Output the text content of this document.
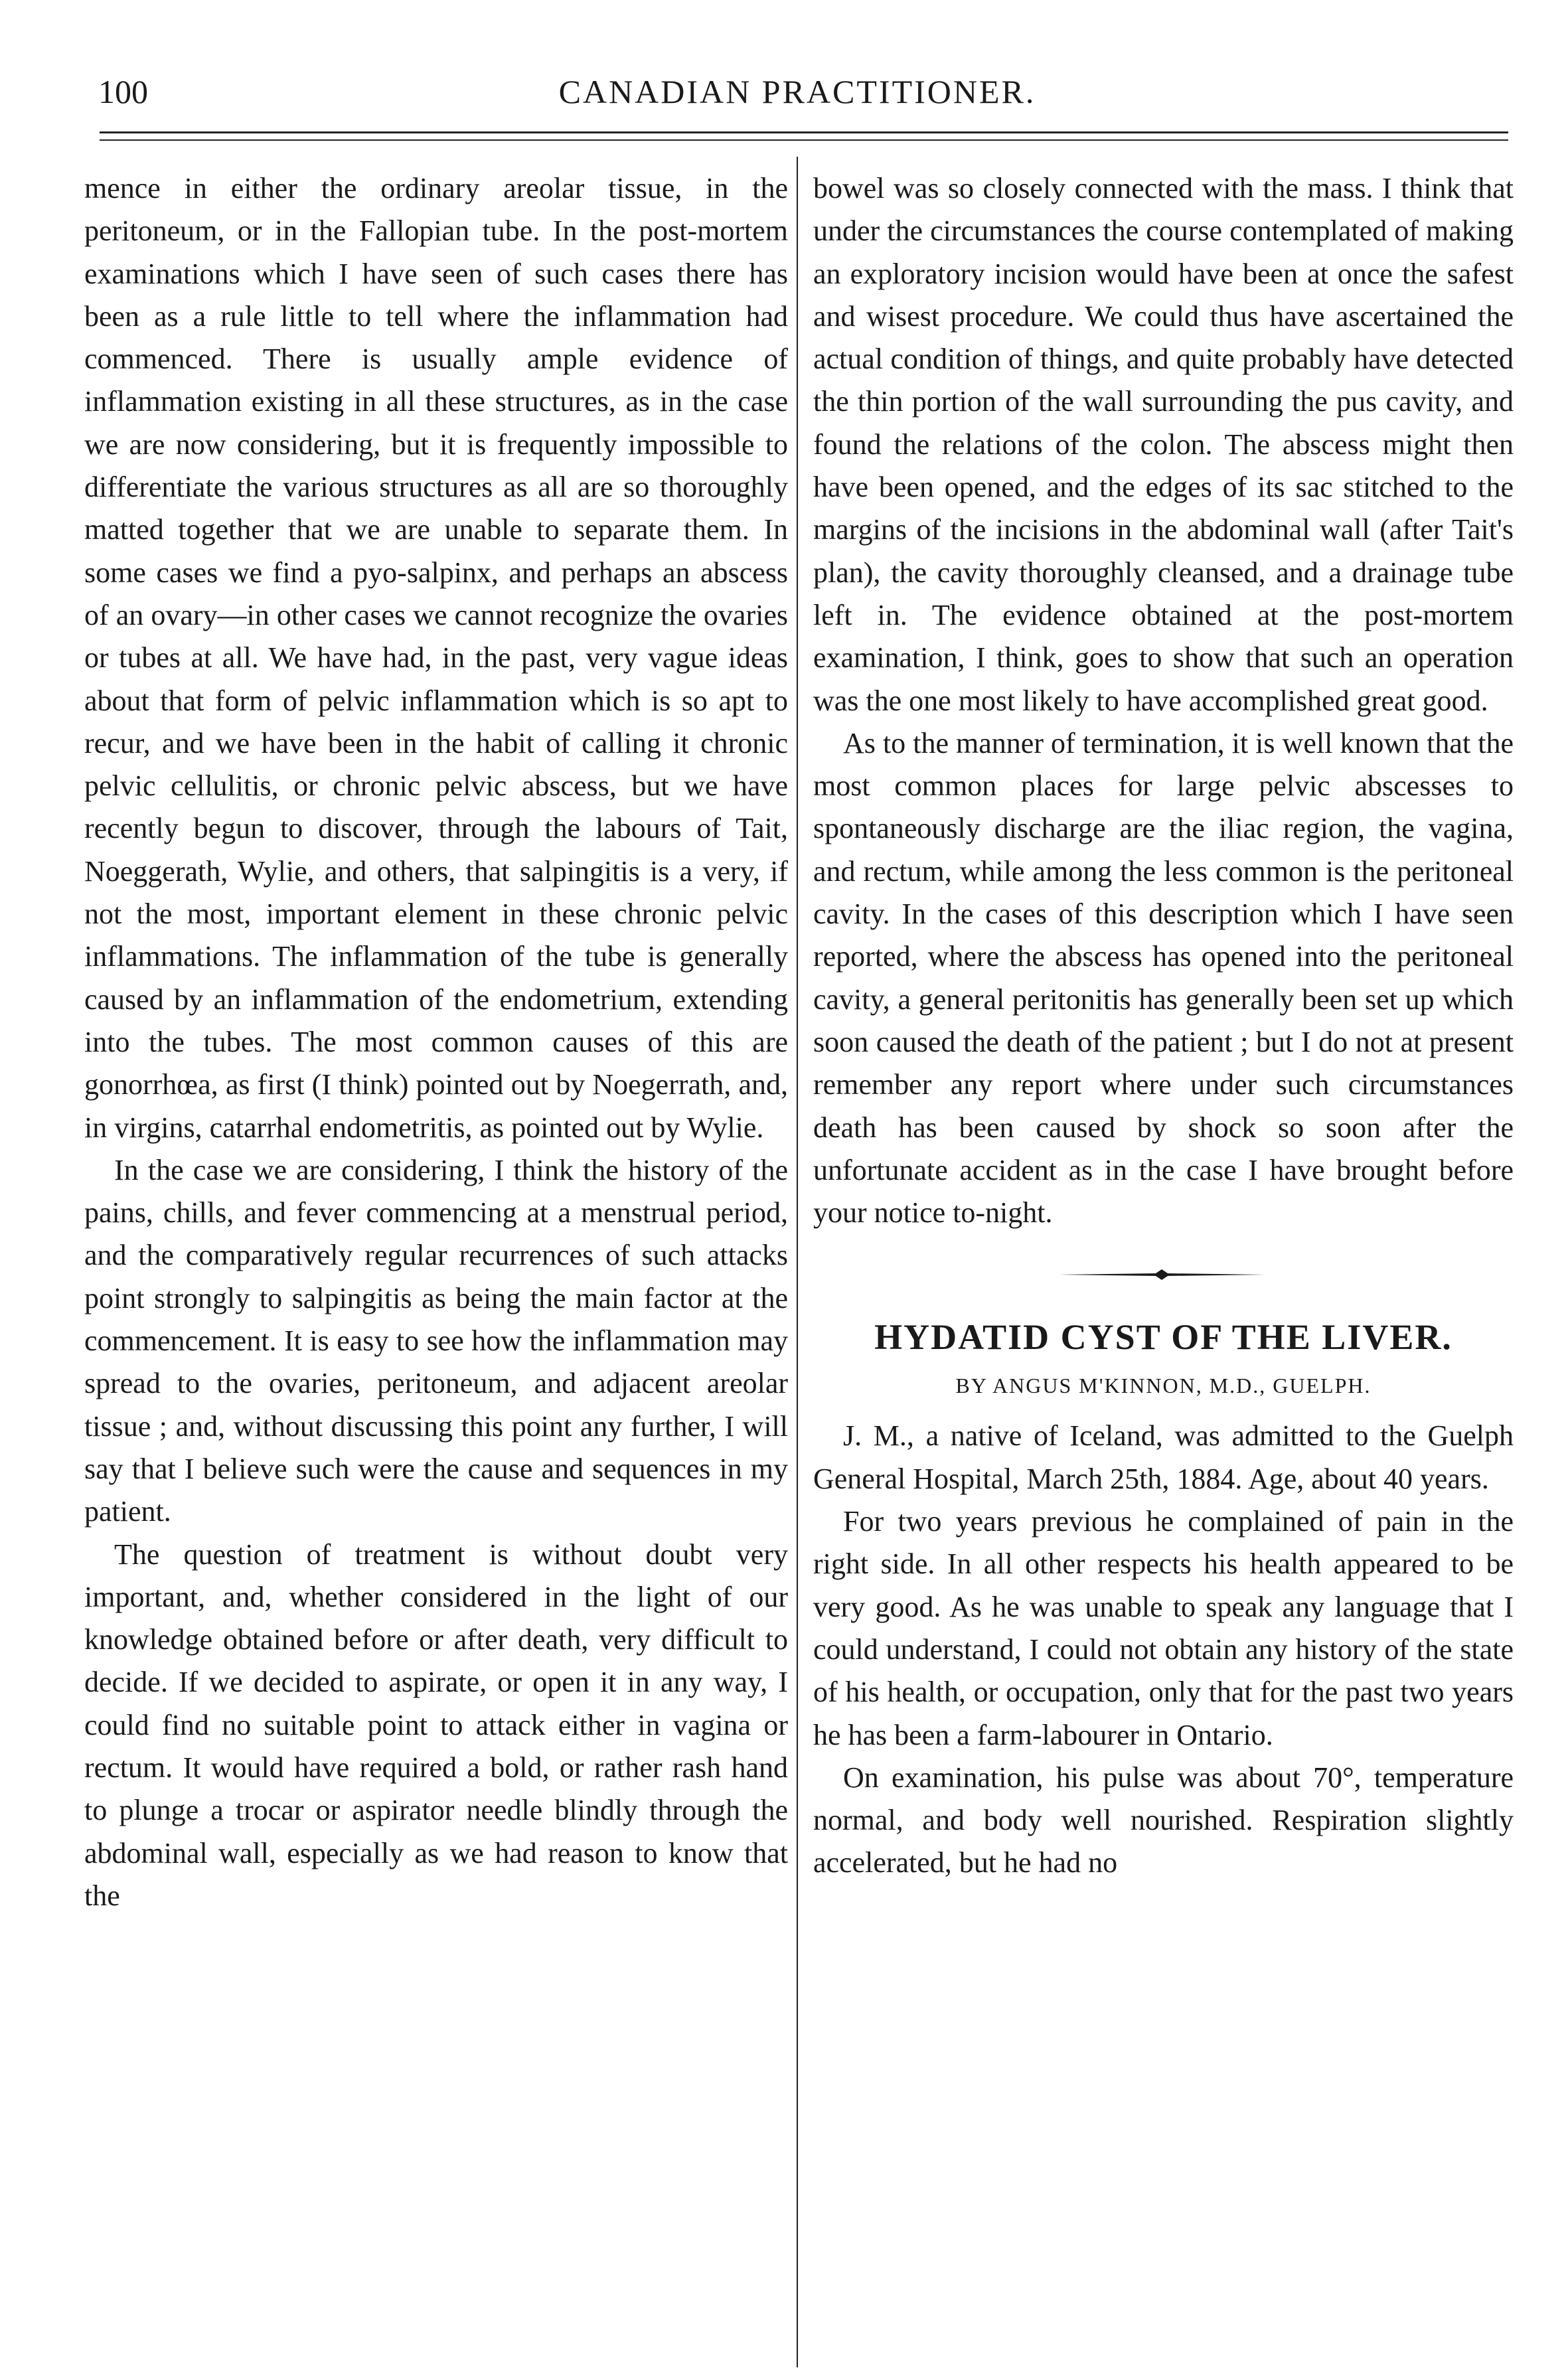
100	CANADIAN PRACTITIONER.

mence in either the ordinary areolar tissue, in the peritoneum, or in the Fallopian tube. In the post-mortem examinations which I have seen of such cases there has been as a rule little to tell where the inflammation had commenced. There is usually ample evidence of inflammation existing in all these structures, as in the case we are now considering, but it is frequently impossible to differentiate the various structures as all are so thoroughly matted together that we are unable to separate them. In some cases we find a pyo-salpinx, and perhaps an abscess of an ovary—in other cases we cannot recognize the ovaries or tubes at all. We have had, in the past, very vague ideas about that form of pelvic inflammation which is so apt to recur, and we have been in the habit of calling it chronic pelvic cellulitis, or chronic pelvic abscess, but we have recently begun to discover, through the labours of Tait, Noeggerath, Wylie, and others, that salpingitis is a very, if not the most, important element in these chronic pelvic inflammations. The inflammation of the tube is generally caused by an inflammation of the endometrium, extending into the tubes. The most common causes of this are gonorrhœa, as first (I think) pointed out by Noegerrath, and, in virgins, catarrhal endometritis, as pointed out by Wylie.

In the case we are considering, I think the history of the pains, chills, and fever commencing at a menstrual period, and the comparatively regular recurrences of such attacks point strongly to salpingitis as being the main factor at the commencement. It is easy to see how the inflammation may spread to the ovaries, peritoneum, and adjacent areolar tissue ; and, without discussing this point any further, I will say that I believe such were the cause and sequences in my patient.

The question of treatment is without doubt very important, and, whether considered in the light of our knowledge obtained before or after death, very difficult to decide. If we decided to aspirate, or open it in any way, I could find no suitable point to attack either in vagina or rectum. It would have required a bold, or rather rash hand to plunge a trocar or aspirator needle blindly through the abdominal wall, especially as we had reason to know that the

bowel was so closely connected with the mass. I think that under the circumstances the course contemplated of making an exploratory incision would have been at once the safest and wisest procedure. We could thus have ascertained the actual condition of things, and quite probably have detected the thin portion of the wall surrounding the pus cavity, and found the relations of the colon. The abscess might then have been opened, and the edges of its sac stitched to the margins of the incisions in the abdominal wall (after Tait's plan), the cavity thoroughly cleansed, and a drainage tube left in. The evidence obtained at the post-mortem examination, I think, goes to show that such an operation was the one most likely to have accomplished great good.

As to the manner of termination, it is well known that the most common places for large pelvic abscesses to spontaneously discharge are the iliac region, the vagina, and rectum, while among the less common is the peritoneal cavity. In the cases of this description which I have seen reported, where the abscess has opened into the peritoneal cavity, a general peritonitis has generally been set up which soon caused the death of the patient ; but I do not at present remember any report where under such circumstances death has been caused by shock so soon after the unfortunate accident as in the case I have brought before your notice to-night.

HYDATID CYST OF THE LIVER.
BY ANGUS M'KINNON, M.D., GUELPH.

J. M., a native of Iceland, was admitted to the Guelph General Hospital, March 25th, 1884. Age, about 40 years.

For two years previous he complained of pain in the right side. In all other respects his health appeared to be very good. As he was unable to speak any language that I could understand, I could not obtain any history of the state of his health, or occupation, only that for the past two years he has been a farm-labourer in Ontario.

On examination, his pulse was about 70°, temperature normal, and body well nourished. Respiration slightly accelerated, but he had no
